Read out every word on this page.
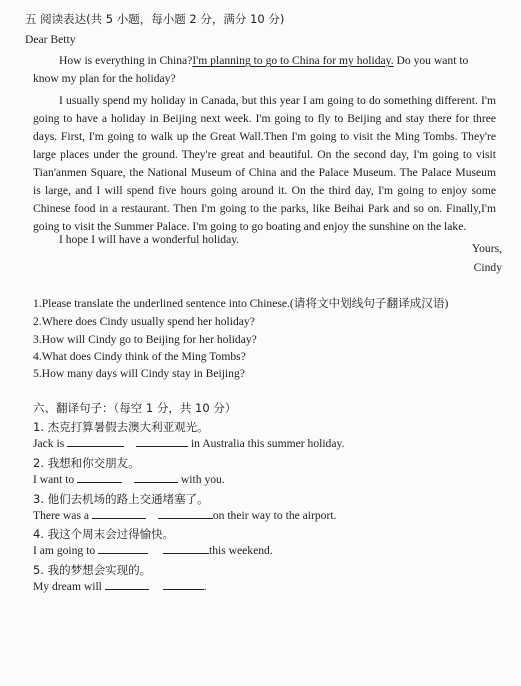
五 阅读表达(共 5 小题，每小题 2 分，满分 10 分)
Dear Betty
How is everything in China?I'm planning to go to China for my holiday. Do you want to
know my plan for the holiday?
I usually spend my holiday in Canada, but this year I am going to do something different. I'm
going to have a holiday in Beijing next week. I'm going to fly to Beijing and stay there for three
days. First, I'm going to walk up the Great Wall.Then I'm going to visit the Ming Tombs. They're
large places under the ground. They're great and beautiful. On the second day, I'm going to visit
Tian'anmen Square, the National Museum of China and the Palace Museum. The Palace Museum
is large, and I will spend five hours going around it. On the third day, I'm going to enjoy some
Chinese food in a restaurant. Then I'm going to the parks, like Beihai Park and so on. Finally,I'm
going to visit the Summer Palace. I'm going to go boating and enjoy the sunshine on the lake.
I hope I will have a wonderful holiday.
Yours,
Cindy
1.Please translate the underlined sentence into Chinese.(请将文中划线句子翻译成汉语)
2.Where does Cindy usually spend her holiday?
3.How will Cindy go to Beijing for her holiday?
4.What does Cindy think of the Ming Tombs?
5.How many days will Cindy stay in Beijing?
六、翻译句子：（每空 1 分，共 10 分）
1. 杰克打算暑假去澳大利亚观光。
Jack is	in Australia this summer holiday.
2. 我想和你交朋友。
I want to	with you.
3. 他们去机场的路上交通堵塞了。
There was a	on their way to the airport.
4. 我这个周末会过得愉快。
I am going to	this weekend.
5. 我的梦想会实现的。
My dream will	.
